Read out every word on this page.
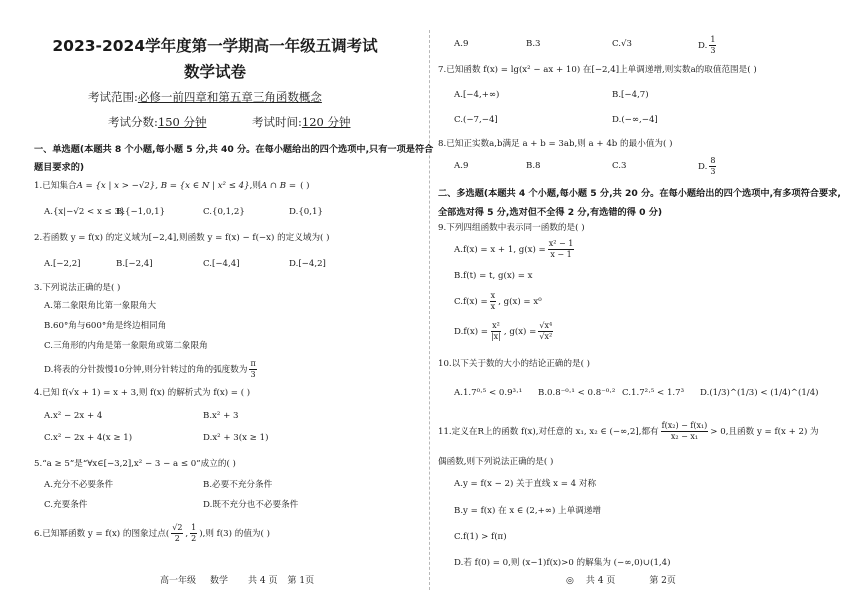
2023-2024学年度第一学期高一年级五调考试
数学试卷
考试范围:必修一前四章和第五章三角函数概念
考试分数:150 分钟	考试时间:120 分钟
一、单选题(本题共 8 个小题,每小题 5 分,共 40 分。在每小题给出的四个选项中,只有一项是符合
题目要求的)
1.已知集合A = {x | x > −√2}, B = {x ∈ N | x² ≤ 4},则A ∩ B = ( )
A.{x|−√2 < x ≤ 3}
B.{−1,0,1}	C.{0,1,2}	D.{0,1}
2.若函数 y = f(x) 的定义域为[−2,4],则函数 y = f(x) − f(−x) 的定义域为( )
A.[−2,2]	B.[−2,4]	C.[−4,4]	D.[−4,2]
3.下列说法正确的是( )
A.第二象限角比第一象限角大
B.60°角与600°角是终边相同角
C.三角形的内角是第一象限角或第二象限角
D.将表的分针拨慢10分钟,则分针转过的角的弧度数为 $\frac{\pi}{3}$
4.已知 f(√x + 1) = x + 3,则 f(x) 的解析式为 f(x) = ( )
A.x² − 2x + 4	B.x² + 3
C.x² − 2x + 4(x ≥ 1)	D.x² + 3(x ≥ 1)
5.“a ≥ 5”是“∀x∈[−3,2],x² − 3 − a ≤ 0”成立的( )
A.充分不必要条件	B.必要不充分条件
C.充要条件	D.既不充分也不必要条件
6.已知幂函数 y = f(x) 的图象过点( $\frac{√2}{2}$ , $\frac{1}{2}$ ),则 f(3) 的值为( )
高一年级 数学 共 4 页 第 1页
A.9	B.3	C.√3	D. $\frac{1}{3}$
7.已知函数 f(x) = lg(x² − ax + 10) 在[−2,4]上单调递增,则实数a的取值范围是( )
A.[−4,+∞)	B.[−4,7)
C.(−7,−4]	D.(−∞,−4]
8.已知正实数a,b满足 a + b = 3ab,则 a + 4b 的最小值为( )
A.9	B.8	C.3	D. $\frac{8}{3}$
二、多选题(本题共 4 个小题,每小题 5 分,共 20 分。在每小题给出的四个选项中,有多项符合要求,
全部选对得 5 分,选对但不全得 2 分,有选错的得 0 分)
9.下列四组函数中表示同一函数的是( )
A.f(x) = x + 1, $g(x) = \frac{\text{x² − 1}}{x - 1}$
B.f(t) = t, g(x) = x
$C.f(x) = \frac{x}{x}$ , g(x) = x⁰
$D.f(x) = \frac{\text{x²}}{|x|}$ , $g(x) = \frac{\text{√x⁴}}{\text{√x²}}$
10.以下关于数的大小的结论正确的是( )
A.1.7⁰·⁵ < 0.9³·¹ B.0.8⁻⁰·¹ < 0.8⁻⁰·² C.1.7²·⁵ < 1.7³ D.(1/3)^(1/3) < (1/4)^(1/4)
11.定义在R上的函数 f(x),对任意的 x₁, x₂ ∈ (−∞,2],都有 $\frac{\text{f(x₂) − f(x₁)}}{\text{x₂ − x₁}} > 0$,且函数 y = f(x + 2) 为
偶函数,则下列说法正确的是( )
A.y = f(x − 2) 关于直线 x = 4 对称
B.y = f(x) 在 x ∈ (2,+∞) 上单调递增
C.f(1) > f(π)
D.若 f(0) = 0,则 (x−1)f(x)>0 的解集为 (−∞,0)∪(1,4)
◎ 共 4 页	第 2页
